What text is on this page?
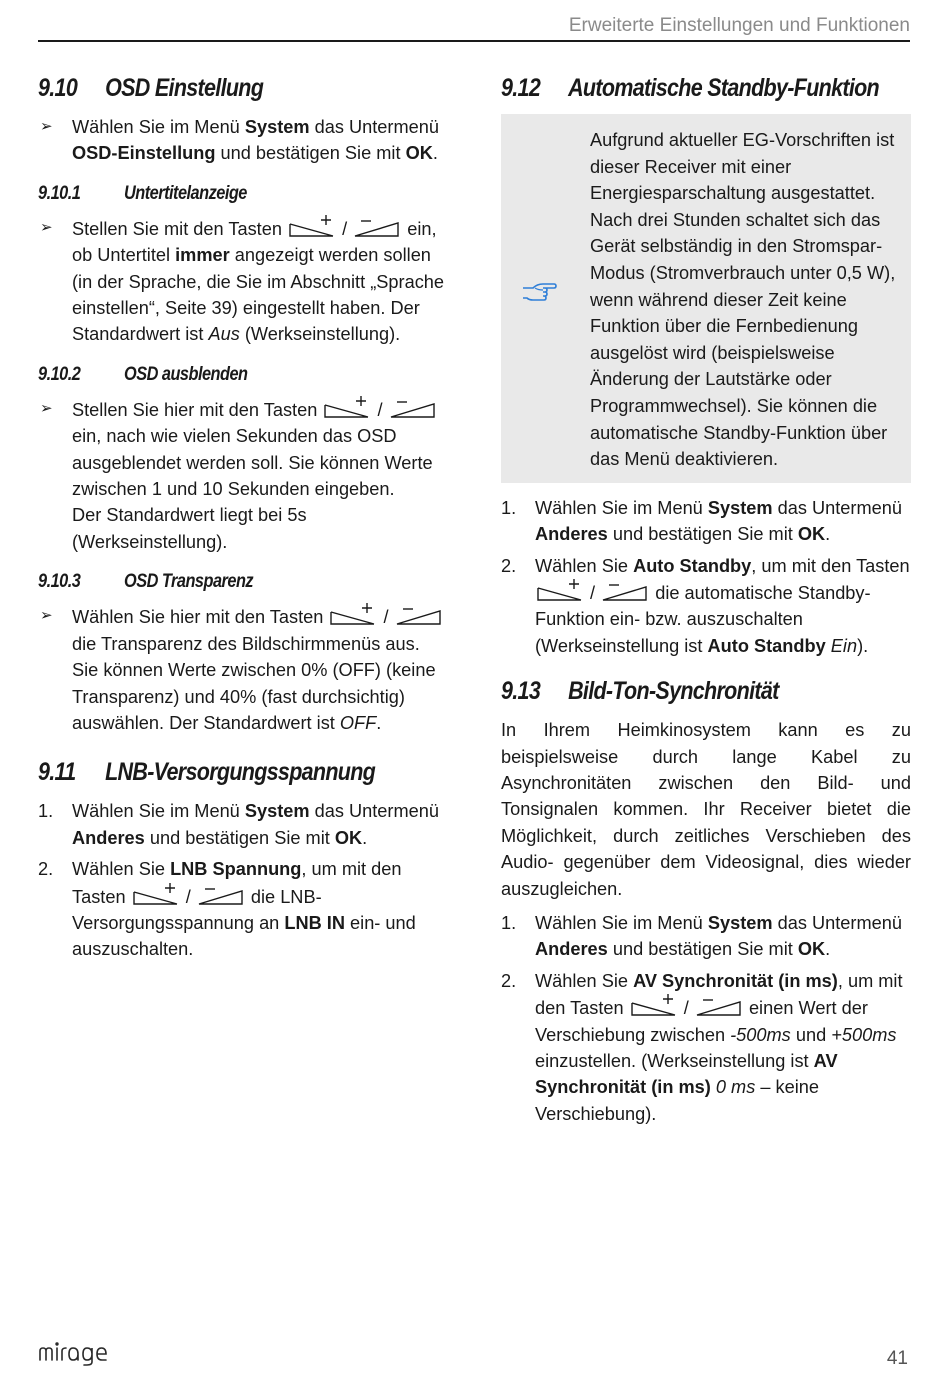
Erweiterte Einstellungen und Funktionen
9.10 OSD Einstellung
➢ Wählen Sie im Menü System das Untermenü OSD-Einstellung und bestätigen Sie mit OK.
9.10.1 Untertitelanzeige
➢ Stellen Sie mit den Tasten	/	ein, ob Untertitel immer angezeigt werden sollen (in der Sprache, die Sie im Abschnitt „Sprache einstellen“, Seite 39) eingestellt haben. Der Standardwert ist Aus (Werkseinstellung).
9.10.2 OSD ausblenden
➢ Stellen Sie hier mit den Tasten	/
ein, nach wie vielen Sekunden das OSD ausgeblendet werden soll. Sie können Werte zwischen 1 und 10 Sekunden eingeben.
Der Standardwert liegt bei 5s (Werkseinstellung).
9.10.3 OSD Transparenz
➢ Wählen Sie hier mit den Tasten	/
die Transparenz des Bildschirmmenüs aus. Sie können Werte zwischen 0% (OFF) (keine Transparenz) und 40% (fast durchsichtig) auswählen. Der Standardwert ist OFF.
9.11 LNB-Versorgungsspannung
1. Wählen Sie im Menü System das Untermenü Anderes und bestätigen Sie mit OK.
2. Wählen Sie LNB Spannung, um mit den Tasten	/	die LNB-Versorgungsspannung an LNB IN ein- und auszuschalten.
9.12 Automatische Standby-Funktion
Aufgrund aktueller EG-Vorschriften ist dieser Receiver mit einer Energiesparschaltung ausgestattet. Nach drei Stunden schaltet sich das Gerät selbständig in den Stromspar-Modus (Stromverbrauch unter 0,5 W), wenn während dieser Zeit keine Funktion über die Fernbedienung ausgelöst wird (beispielsweise Änderung der Lautstärke oder Programmwechsel). Sie können die automatische Standby-Funktion über das Menü deaktivieren.
1. Wählen Sie im Menü System das Untermenü Anderes und bestätigen Sie mit OK.
2. Wählen Sie Auto Standby, um mit den Tasten
/	die automatische Standby-Funktion ein- bzw. auszuschalten (Werkseinstellung ist Auto Standby Ein).
9.13 Bild-Ton-Synchronität
In Ihrem Heimkinosystem kann es zu beispielsweise durch lange Kabel zu Asynchronitäten zwischen den Bild- und Tonsignalen kommen. Ihr Receiver bietet die Möglichkeit, durch zeitliches Verschieben des Audio- gegenüber dem Videosignal, dies wieder auszugleichen.
1. Wählen Sie im Menü System das Untermenü Anderes und bestätigen Sie mit OK.
2. Wählen Sie AV Synchronität (in ms), um mit den Tasten	/	einen Wert der Verschiebung zwischen -500ms und +500ms einzustellen. (Werkseinstellung ist AV Synchronität (in ms) 0 ms – keine Verschiebung).
41
